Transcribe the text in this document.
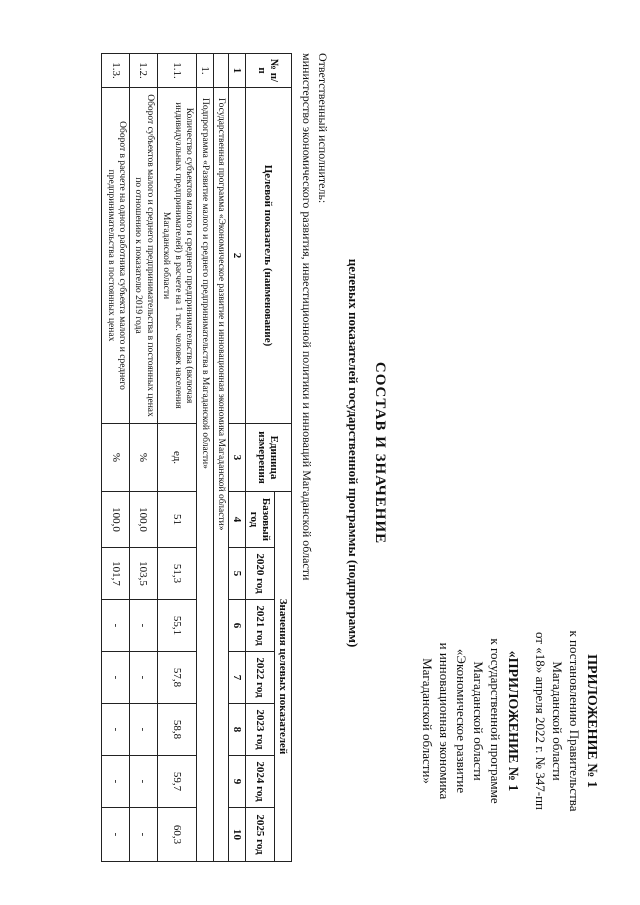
ПРИЛОЖЕНИЕ № 1
к постановлению Правительства
Магаданской области
от «18» апреля 2022 г. № 347-пп
«ПРИЛОЖЕНИЕ № 1
к государственной программе
Магаданской области
«Экономическое развитие
и инновационная экономика
Магаданской области»
СОСТАВ И ЗНАЧЕНИЕ
целевых показателей государственной программы (подпрограмм)
Ответственный исполнитель:
министерство экономического развития, инвестиционной политики и инноваций Магаданской области
№ п/п	Целевой показатель (наименование)	Единица измерения	Значения целевых показателей						
			Базовый год	2020 год	2021 год	2022 год	2023 год	2024 год	2025 год
1	2	3	4	5	6	7	8	9	10
	Государственная программа «Экономическое развитие и инновационная экономика Магаданской области»								
1.	Подпрограмма «Развитие малого и среднего предпринимательства в Магаданской области»								
1.1.	Количество субъектов малого и среднего предпринимательства (включая индивидуальных предпринимателей) в расчете на 1 тыс. человек населения Магаданской области	ед.	51	51,3	55,1	57,8	58,8	59,7	60,3
1.2.	Оборот субъектов малого и среднего предпринимательства в постоянных ценах по отношению к показателю 2019 года	%	100,0	103,5	-	-	-	-	-
1.3.	Оборот в расчете на одного работника субъекта малого и среднего предпринимательства в постоянных ценах	%	100,0	101,7	-	-	-	-	-
